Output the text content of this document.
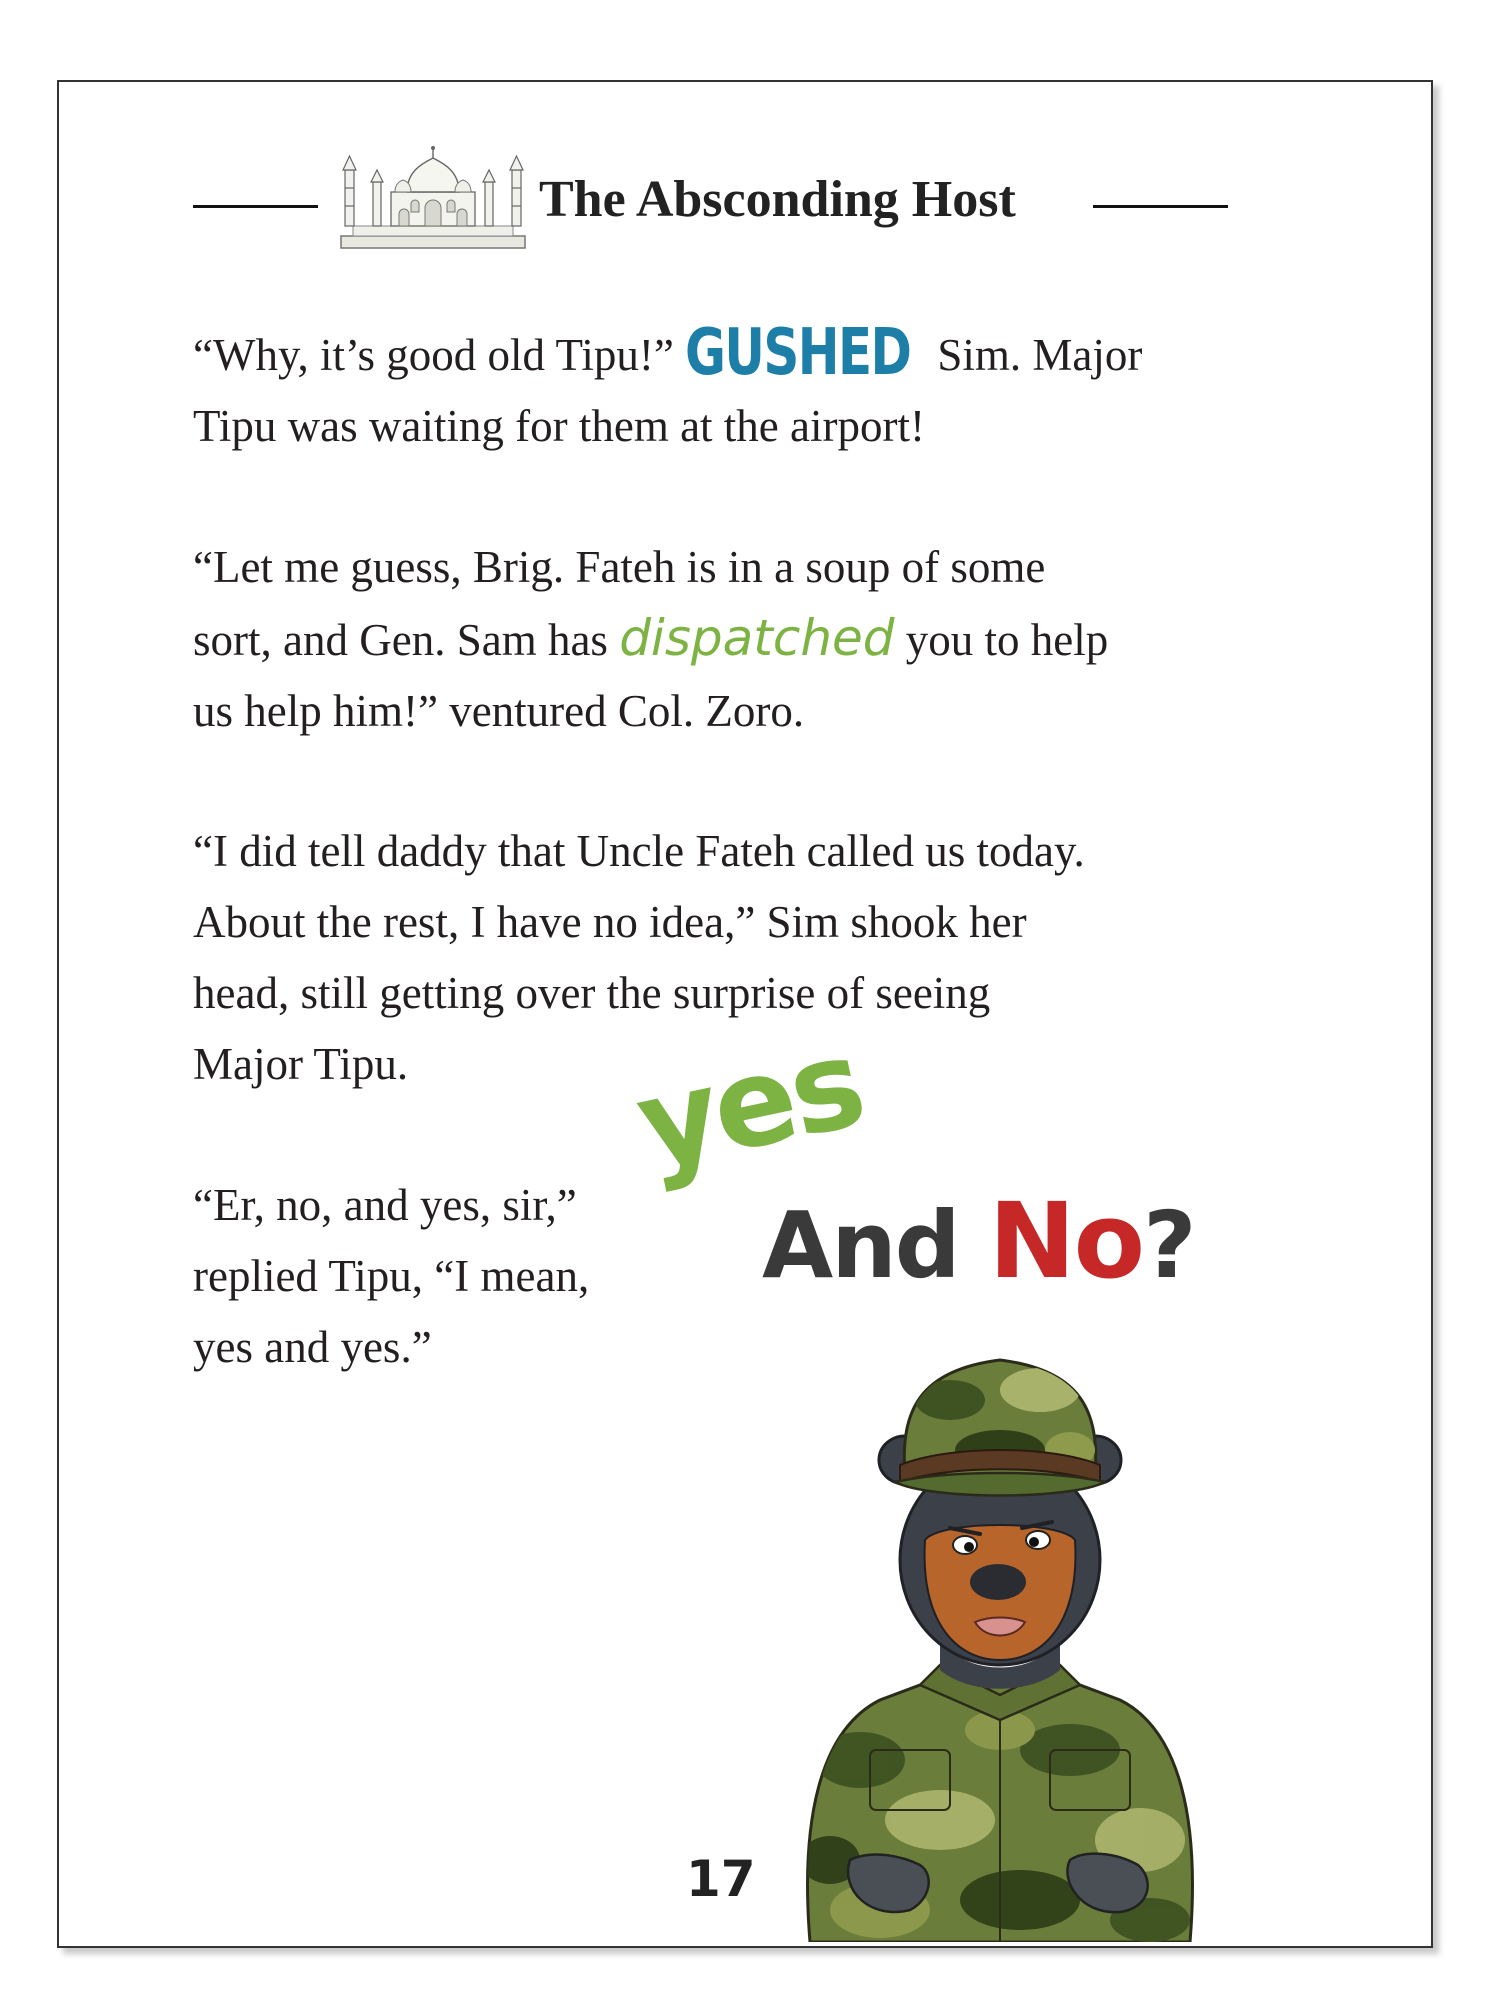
The Absconding Host

“Why, it’s good old Tipu!” GUSHED Sim. Major
Tipu was waiting for them at the airport!

“Let me guess, Brig. Fateh is in a soup of some
sort, and Gen. Sam has dispatched you to help
us help him!” ventured Col. Zoro.

“I did tell daddy that Uncle Fateh called us today.
About the rest, I have no idea,” Sim shook her
head, still getting over the surprise of seeing
Major Tipu.

“Er, no, and yes, sir,”
replied Tipu, “I mean,
yes and yes.”

yes
And No?
17
